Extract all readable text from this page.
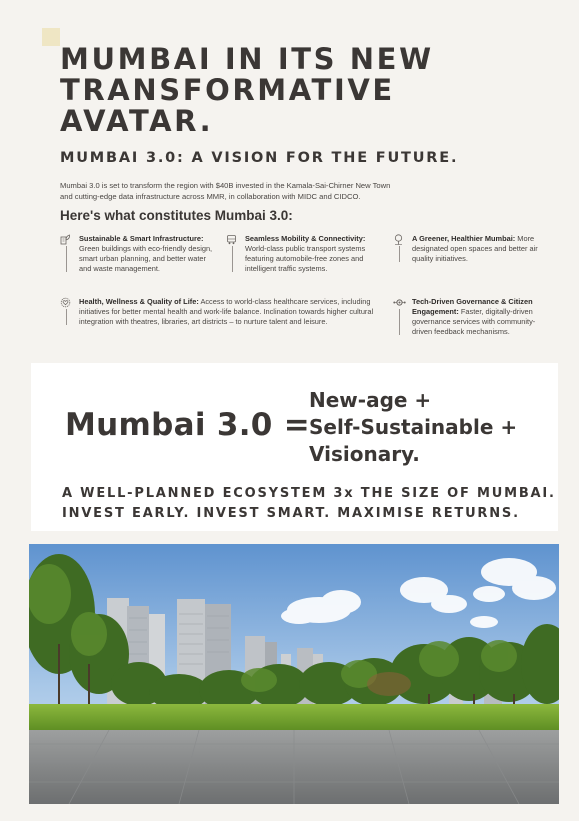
MUMBAI IN ITS NEW
TRANSFORMATIVE
AVATAR.
MUMBAI 3.0: A VISION FOR THE FUTURE.

Mumbai 3.0 is set to transform the region with $40B invested in the Kamala-Sai-Chirner New Town
and cutting-edge data infrastructure across MMR, in collaboration with MIDC and CIDCO.

Here's what constitutes Mumbai 3.0:
Sustainable & Smart Infrastructure: Green buildings with eco-friendly design, smart urban planning, and better water and waste management.
Seamless Mobility & Connectivity: World-class public transport systems featuring automobile-free zones and intelligent traffic systems.
A Greener, Healthier Mumbai: More designated open spaces and better air quality initiatives.
Health, Wellness & Quality of Life: Access to world-class healthcare services, including initiatives for better mental health and work-life balance. Inclination towards higher cultural integration with theatres, libraries, art districts – to nurture talent and leisure.
Tech-Driven Governance & Citizen Engagement: Faster, digitally-driven governance services with community-driven feedback mechanisms.
Mumbai 3.0 =
New-age +
Self-Sustainable +
Visionary.
A WELL-PLANNED ECOSYSTEM 3x THE SIZE OF MUMBAI.
INVEST EARLY. INVEST SMART. MAXIMISE RETURNS.
